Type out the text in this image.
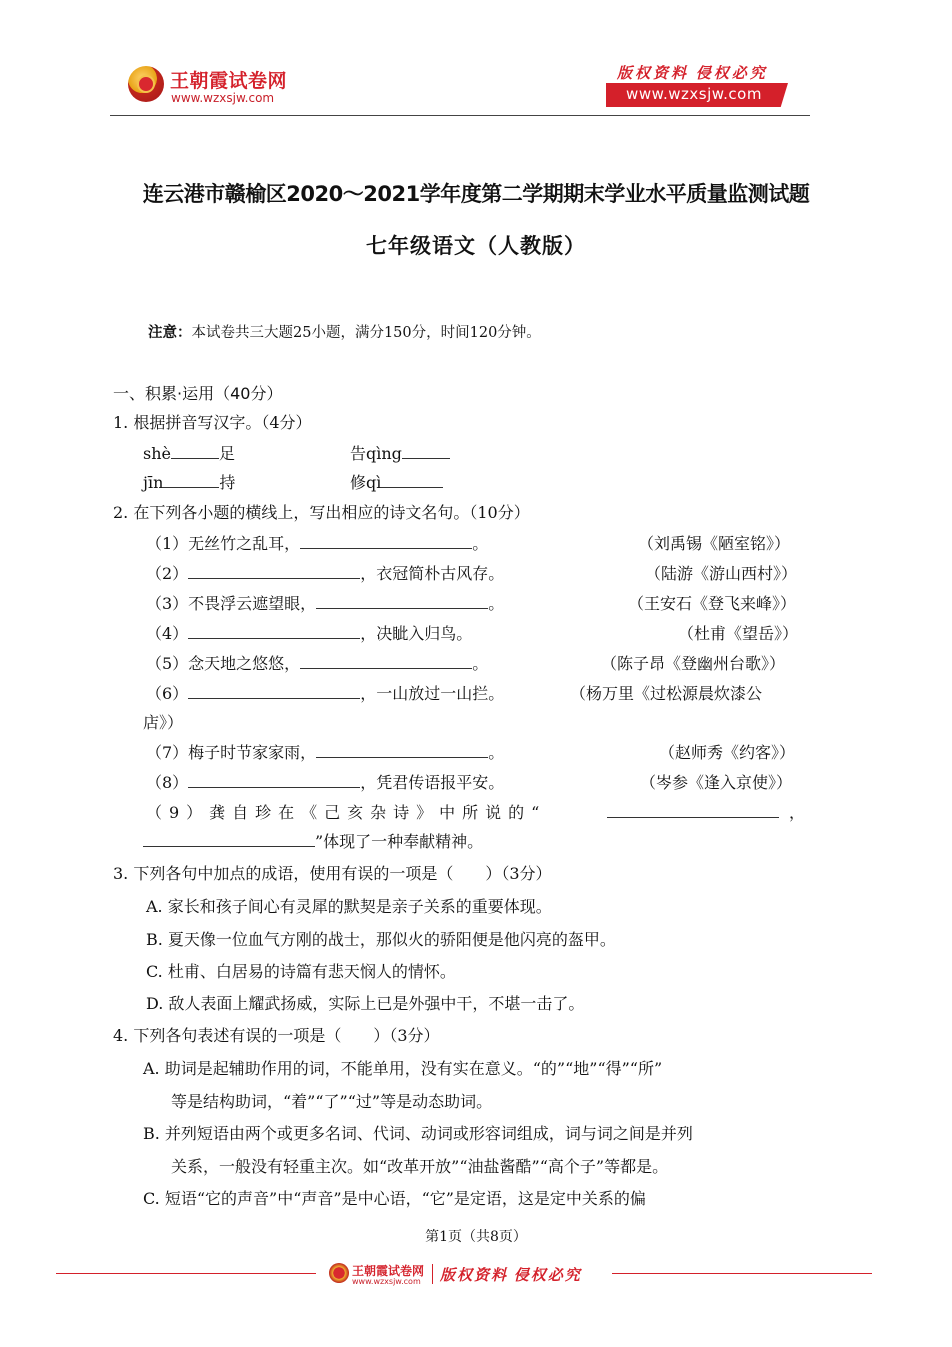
王朝霞试卷网
www.wzxsjw.com
版权资料 侵权必究
www.wzxsjw.com
连云港市赣榆区2020～2021学年度第二学期期末学业水平质量监测试题
七年级语文（人教版）
注意：本试卷共三大题25小题，满分150分，时间120分钟。
一、积累·运用（40分）
1. 根据拼音写汉字。（4分）
shè	足	告qìng
jīn	持	修qì
2. 在下列各小题的横线上，写出相应的诗文名句。（10分）
（1）无丝竹之乱耳，	。	（刘禹锡《陋室铭》）
（2）	，衣冠简朴古风存。	（陆游《游山西村》）
（3）不畏浮云遮望眼，	。	（王安石《登飞来峰》）
（4）	，决眦入归鸟。	（杜甫《望岳》）
（5）念天地之悠悠，	。	（陈子昂《登幽州台歌》）
（6）	，一山放过一山拦。	（杨万里《过松源晨炊漆公
店》）
（7）梅子时节家家雨，	。	（赵师秀《约客》）
（8）	，凭君传语报平安。	（岑参《逢入京使》）
（9）龚自珍在《己亥杂诗》中所说的“	，
”体现了一种奉献精神。
3. 下列各句中加点的成语，使用有误的一项是（　　）（3分）
A. 家长和孩子间心有灵犀的默契是亲子关系的重要体现。
B. 夏天像一位血气方刚的战士，那似火的骄阳便是他闪亮的盔甲。
C. 杜甫、白居易的诗篇有悲天悯人的情怀。
D. 敌人表面上耀武扬威，实际上已是外强中干，不堪一击了。
4. 下列各句表述有误的一项是（　　）（3分）
A. 助词是起辅助作用的词，不能单用，没有实在意义。“的”“地”“得”“所”
等是结构助词，“着”“了”“过”等是动态助词。
B. 并列短语由两个或更多名词、代词、动词或形容词组成，词与词之间是并列
关系，一般没有轻重主次。如“改革开放”“油盐酱酷”“高个子”等都是。
C. 短语“它的声音”中“声音”是中心语，“它”是定语，这是定中关系的偏
第1页（共8页）
王朝霞试卷网
www.wzxsjw.com 版权资料 侵权必究
